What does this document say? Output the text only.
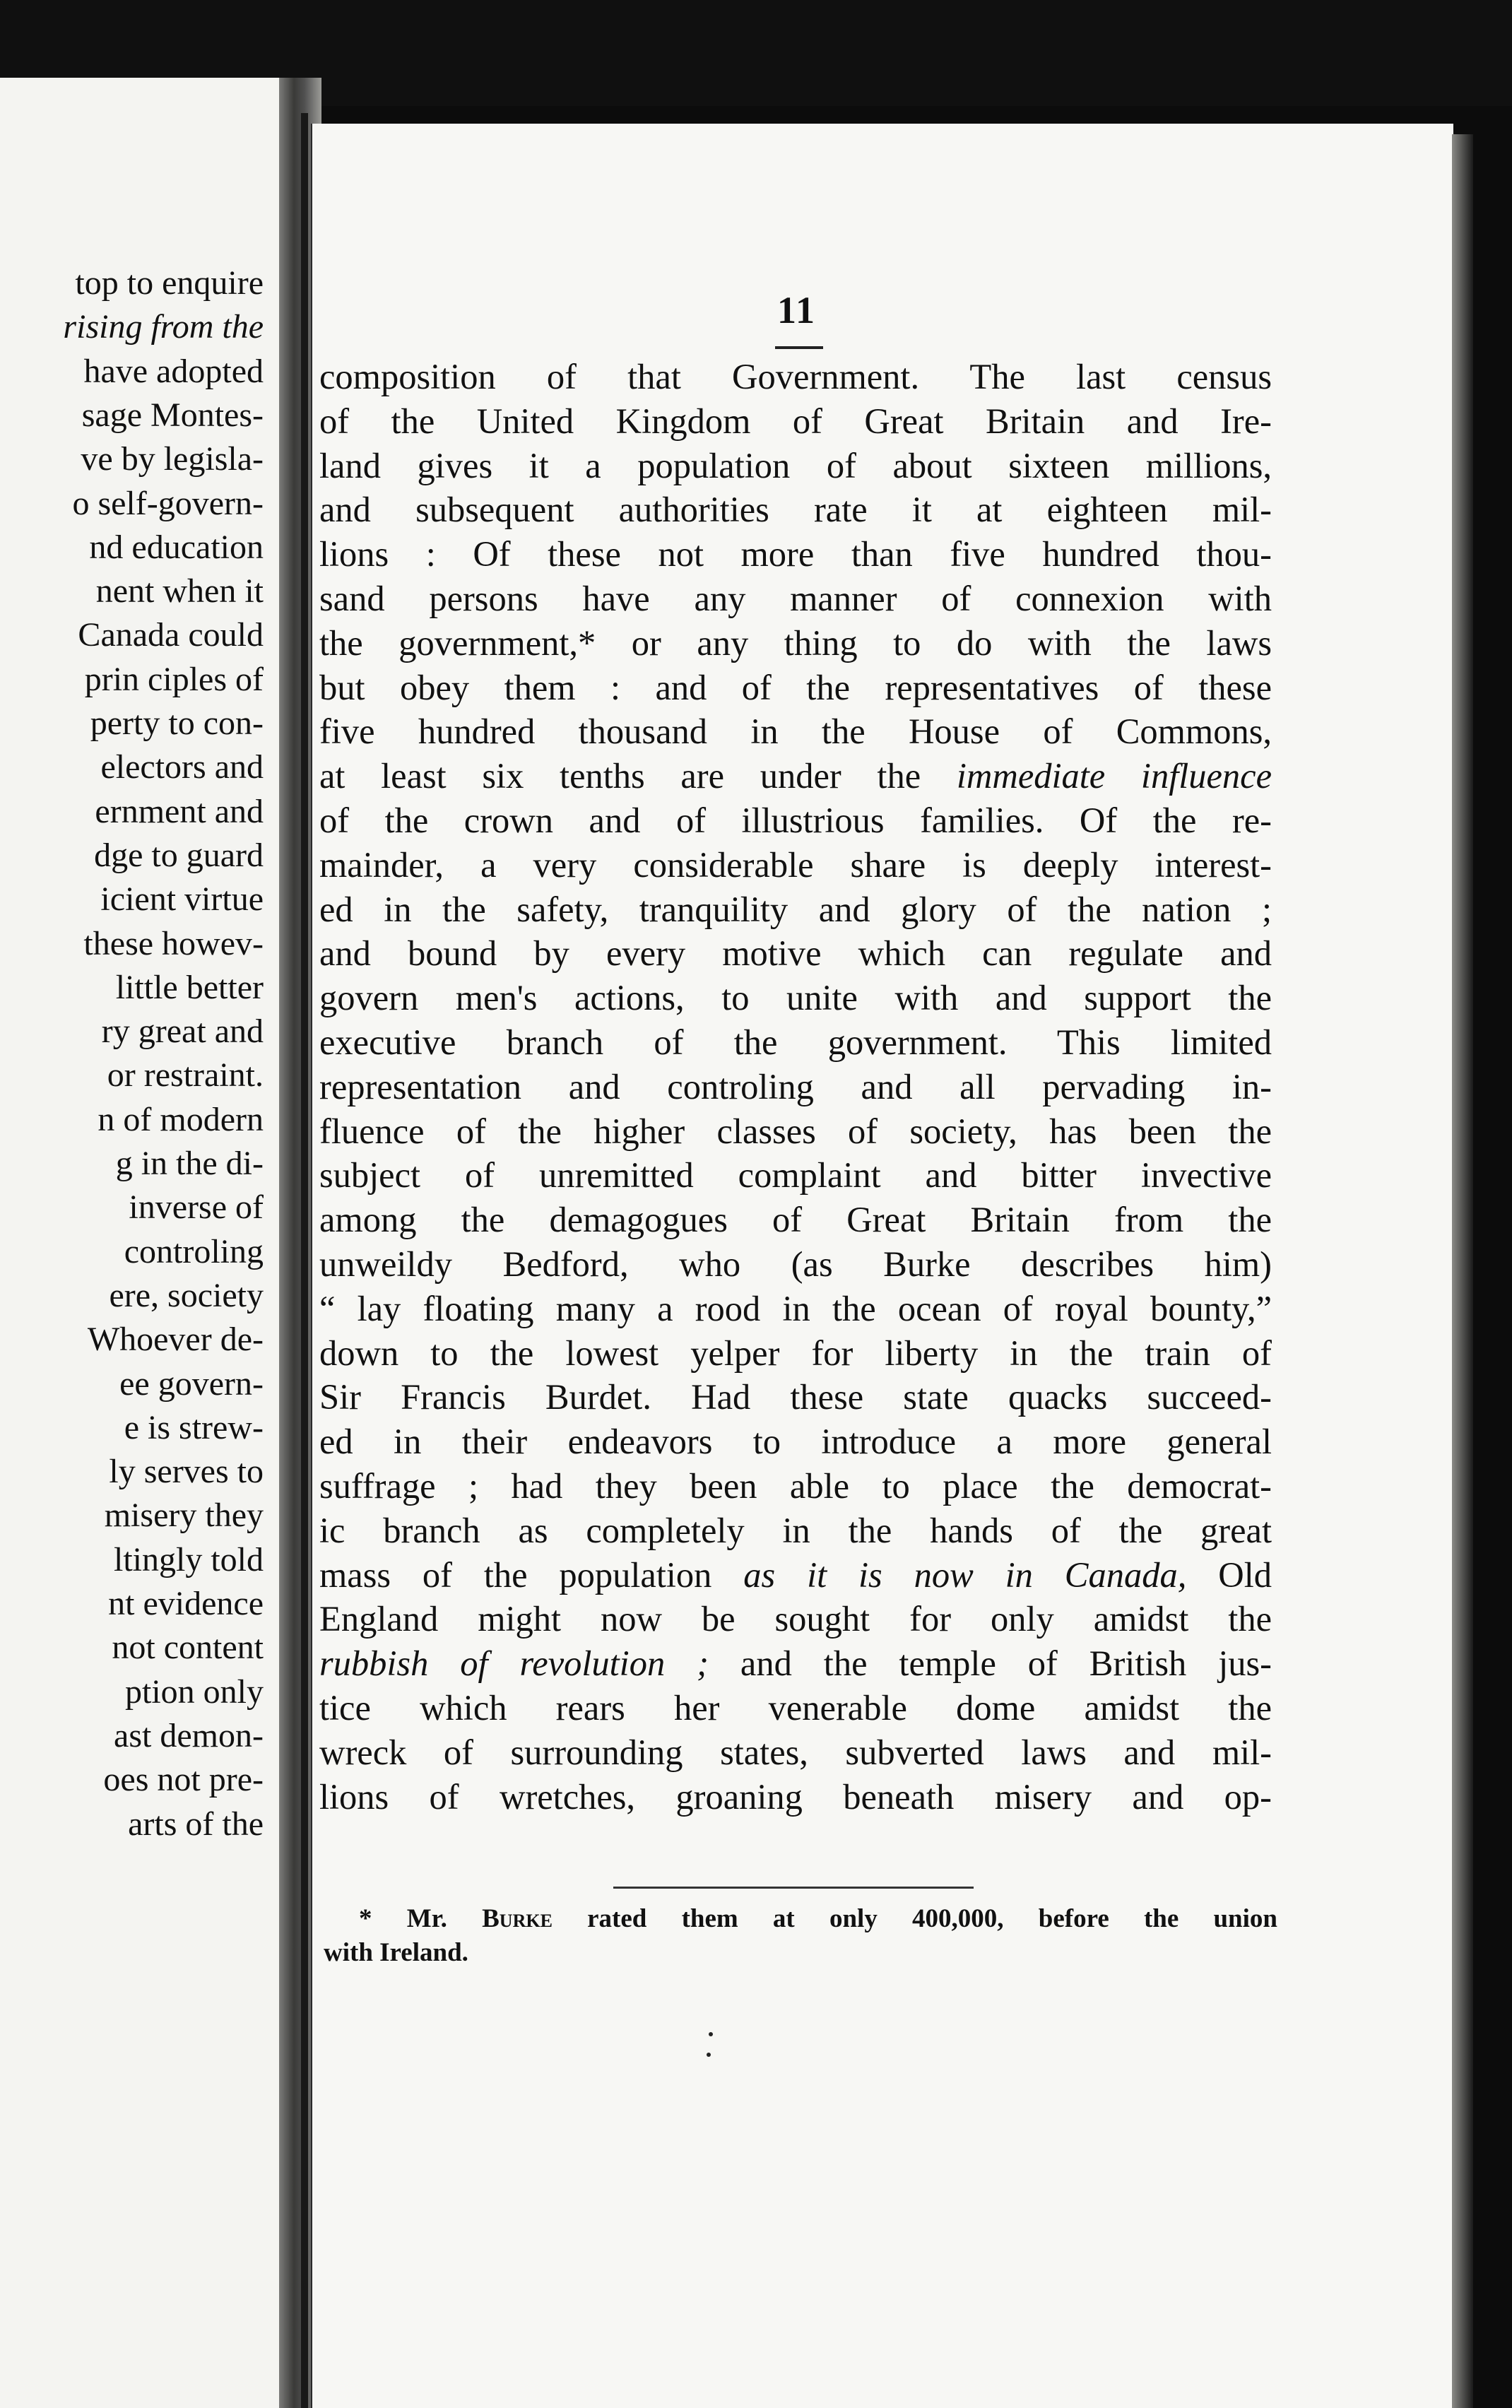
top to enquire
rising from the
have adopted
sage Montes-
ve by legisla-
o self-govern-
nd education
nent when it
Canada could
prin ciples of
perty to con-
electors and
ernment and
dge to guard
icient virtue
these howev-
little better
ry great and
or restraint.
n of modern
g in the di-
inverse of
controling
ere, society
Whoever de-
ee govern-
e is strew-
ly serves to
misery they
ltingly told
nt evidence
not content
ption only
ast demon-
oes not pre-
arts of the
11
composition of that Government. The last census
of the United Kingdom of Great Britain and Ire-
land gives it a population of about sixteen millions,
and subsequent authorities rate it at eighteen mil-
lions : Of these not more than five hundred thou-
sand persons have any manner of connexion with
the government,* or any thing to do with the laws
but obey them : and of the representatives of these
five hundred thousand in the House of Commons,
at least six tenths are under the immediate influence
of the crown and of illustrious families. Of the re-
mainder, a very considerable share is deeply interest-
ed in the safety, tranquility and glory of the nation ;
and bound by every motive which can regulate and
govern men's actions, to unite with and support the
executive branch of the government. This limited
representation and controling and all pervading in-
fluence of the higher classes of society, has been the
subject of unremitted complaint and bitter invective
among the demagogues of Great Britain from the
unweildy Bedford, who (as Burke describes him)
“ lay floating many a rood in the ocean of royal bounty,”
down to the lowest yelper for liberty in the train of
Sir Francis Burdet. Had these state quacks succeed-
ed in their endeavors to introduce a more general
suffrage ; had they been able to place the democrat-
ic branch as completely in the hands of the great
mass of the population as it is now in Canada, Old
England might now be sought for only amidst the
rubbish of revolution ; and the temple of British jus-
tice which rears her venerable dome amidst the
wreck of surrounding states, subverted laws and mil-
lions of wretches, groaning beneath misery and op-
* Mr. Burke rated them at only 400,000, before the union
with Ireland.
